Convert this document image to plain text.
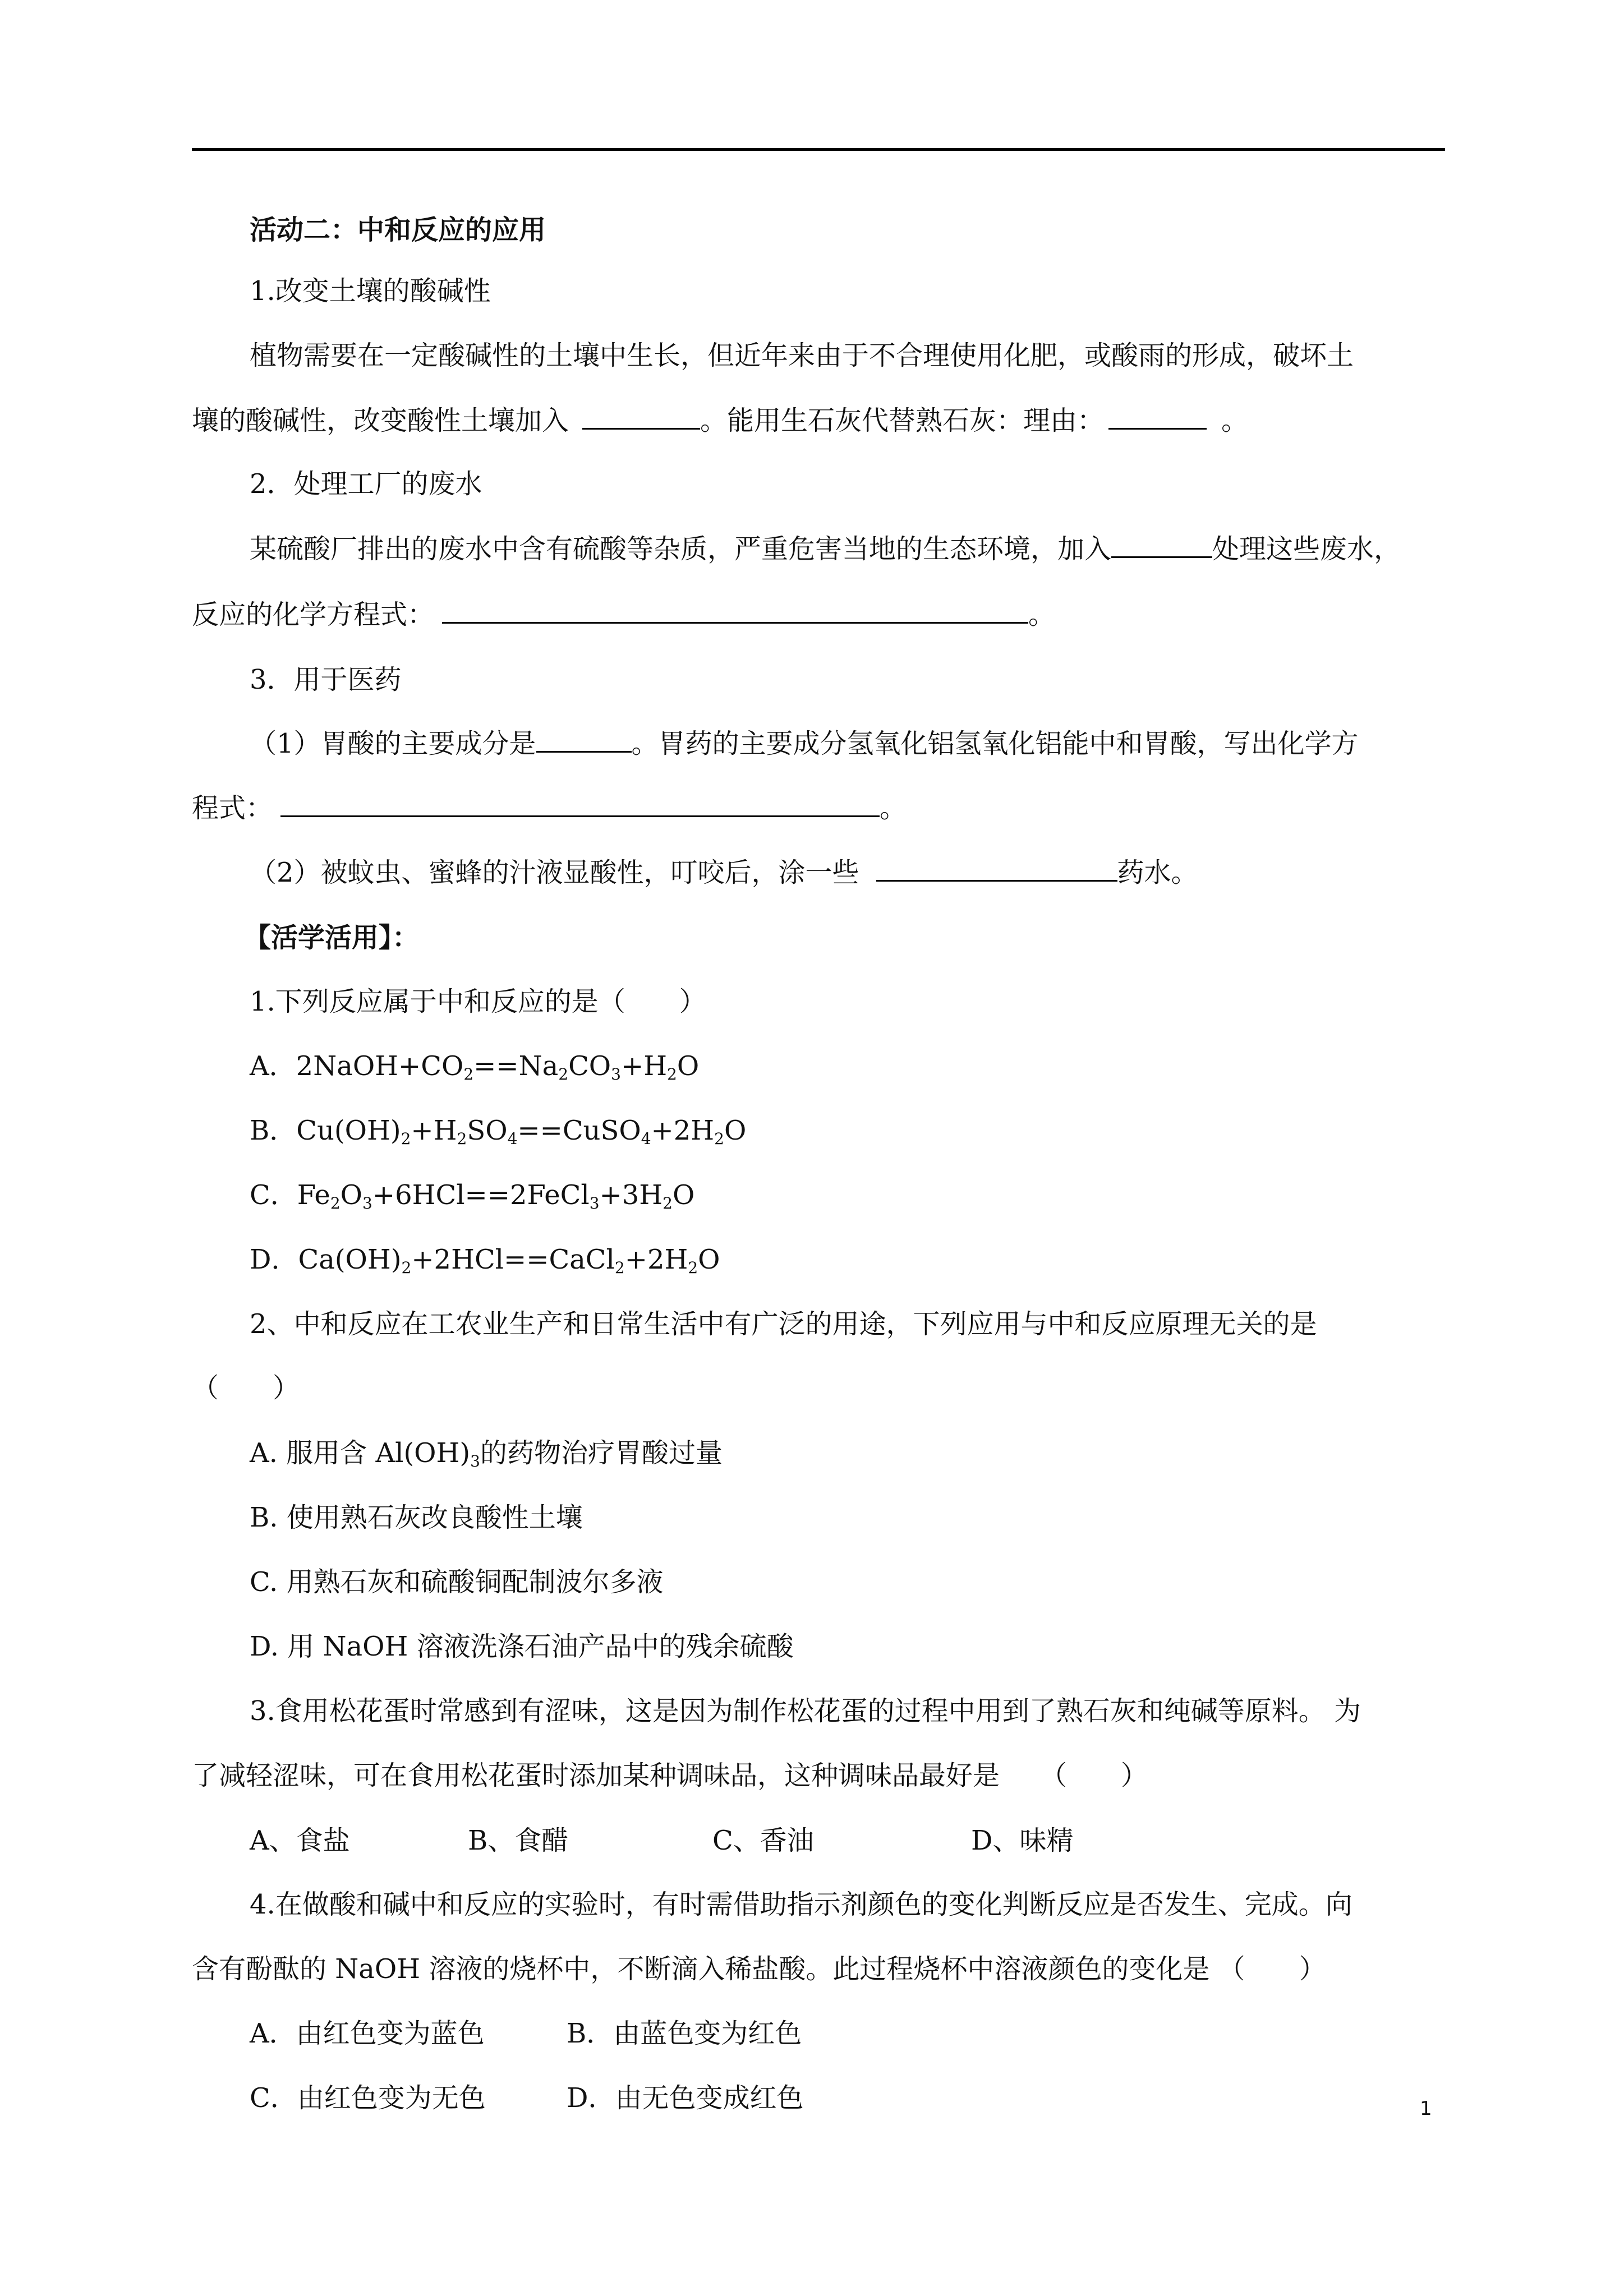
活动二：中和反应的应用
1.改变土壤的酸碱性
植物需要在一定酸碱性的土壤中生长，但近年来由于不合理使用化肥，或酸雨的形成，破坏土
壤的酸碱性，改变酸性土壤加入	。能用生石灰代替熟石灰：理由：	。
2．处理工厂的废水
某硫酸厂排出的废水中含有硫酸等杂质，严重危害当地的生态环境，加入	处理这些废水，
反应的化学方程式：	。
3．用于医药
（1）胃酸的主要成分是	。胃药的主要成分氢氧化铝氢氧化铝能中和胃酸，写出化学方
程式：	。
（2）被蚊虫、蜜蜂的汁液显酸性，叮咬后，涂一些	药水。
【活学活用】：
1.下列反应属于中和反应的是（　　）
A．$2NaOH+CO_2==Na_2CO_3+H_2O$
B．$Cu(OH)_2+H_2SO_4==CuSO_4+2H_2O$
C．$Fe_2O_3+6HCl==2FeCl_3+3H_2O$
D．$Ca(OH)_2+2HCl==CaCl_2+2H_2O$
2、中和反应在工农业生产和日常生活中有广泛的用途，下列应用与中和反应原理无关的是
（　　）
A. 服用含 $Al(OH)_3$的药物治疗胃酸过量
B. 使用熟石灰改良酸性土壤
C. 用熟石灰和硫酸铜配制波尔多液
D. 用 NaOH 溶液洗涤石油产品中的残余硫酸
3.食用松花蛋时常感到有涩味，这是因为制作松花蛋的过程中用到了熟石灰和纯碱等原料。 为
了减轻涩味，可在食用松花蛋时添加某种调味品，这种调味品最好是　　（　　）
A、食盐	B、食醋	C、香油	D、味精
4.在做酸和碱中和反应的实验时，有时需借助指示剂颜色的变化判断反应是否发生、完成。向
含有酚酞的 NaOH 溶液的烧杯中，不断滴入稀盐酸。此过程烧杯中溶液颜色的变化是 （　　）
A．由红色变为蓝色	B．由蓝色变为红色
C．由红色变为无色	D．由无色变成红色	1
